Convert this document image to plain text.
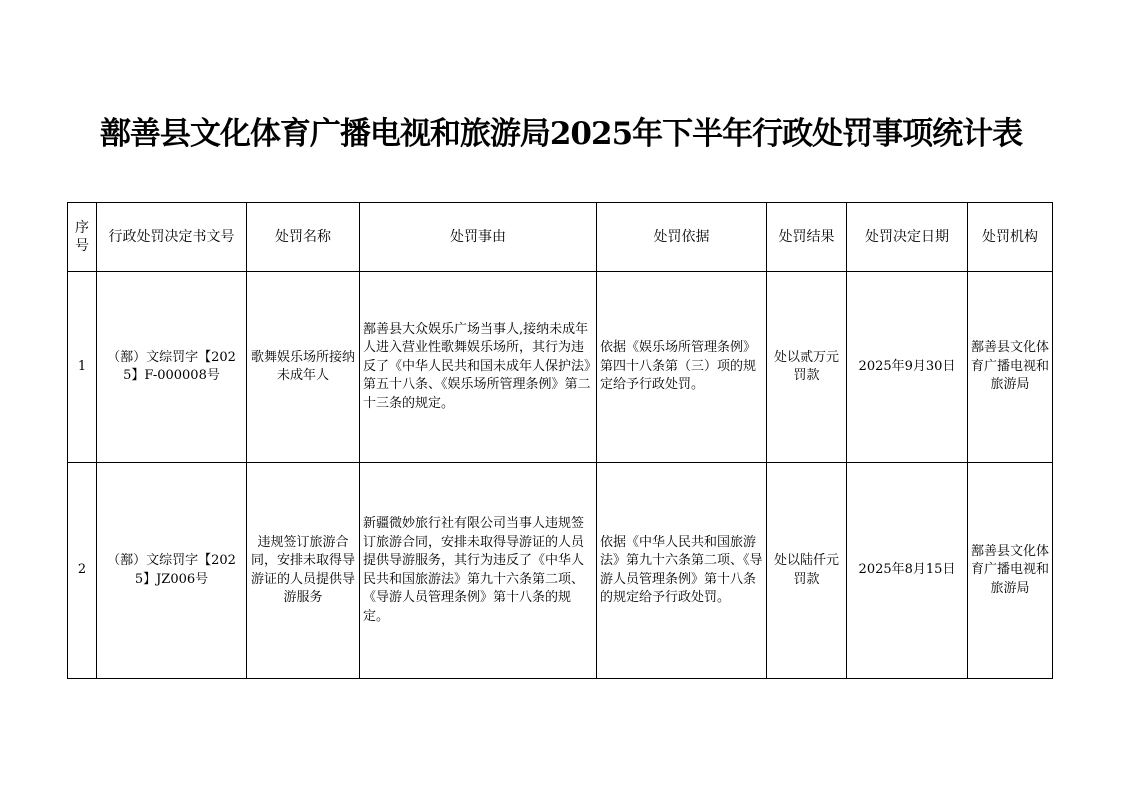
鄯善县文化体育广播电视和旅游局2025年下半年行政处罚事项统计表
序号	行政处罚决定书文号	处罚名称	处罚事由	处罚依据	处罚结果	处罚决定日期	处罚机构
1	（鄯）文综罚字【2025】F-000008号	歌舞娱乐场所接纳未成年人	鄯善县大众娱乐广场当事人,接纳未成年人进入营业性歌舞娱乐场所，其行为违反了《中华人民共和国未成年人保护法》第五十八条、《娱乐场所管理条例》第二十三条的规定。	依据《娱乐场所管理条例》第四十八条第（三）项的规定给予行政处罚。	处以贰万元罚款	2025年9月30日	鄯善县文化体育广播电视和旅游局
2	（鄯）文综罚字【2025】JZ006号	违规签订旅游合同，安排未取得导游证的人员提供导游服务	新疆微妙旅行社有限公司当事人违规签订旅游合同，安排未取得导游证的人员提供导游服务，其行为违反了《中华人民共和国旅游法》第九十六条第二项、《导游人员管理条例》第十八条的规定。	依据《中华人民共和国旅游法》第九十六条第二项、《导游人员管理条例》第十八条的规定给予行政处罚。	处以陆仟元罚款	2025年8月15日	鄯善县文化体育广播电视和旅游局
